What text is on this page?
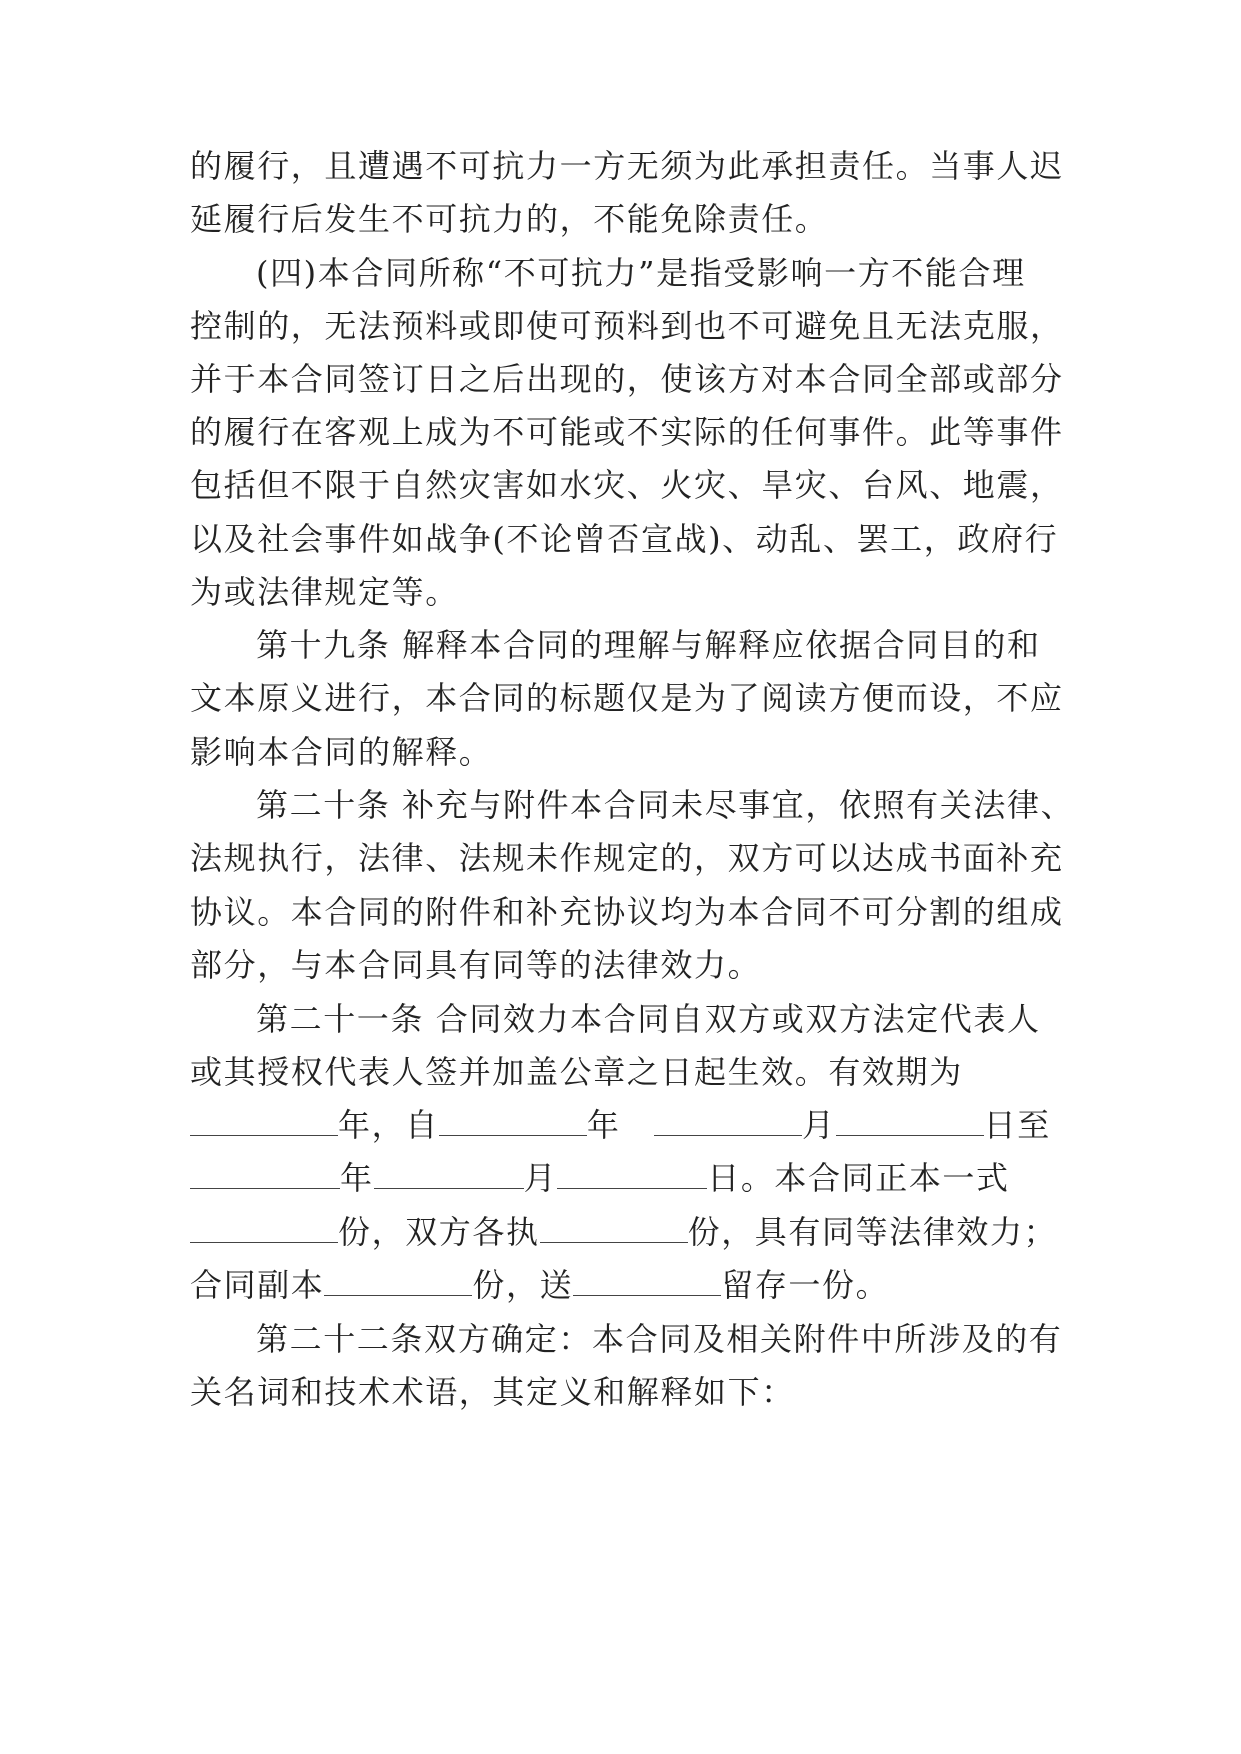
的履行，且遭遇不可抗力一方无须为此承担责任。当事人迟
延履行后发生不可抗力的，不能免除责任。
(四)本合同所称“不可抗力”是指受影响一方不能合理
控制的，无法预料或即使可预料到也不可避免且无法克服，
并于本合同签订日之后出现的，使该方对本合同全部或部分
的履行在客观上成为不可能或不实际的任何事件。此等事件
包括但不限于自然灾害如水灾、火灾、旱灾、台风、地震，
以及社会事件如战争(不论曾否宣战)、动乱、罢工，政府行
为或法律规定等。
第十九条 解释本合同的理解与解释应依据合同目的和
文本原义进行，本合同的标题仅是为了阅读方便而设，不应
影响本合同的解释。
第二十条 补充与附件本合同未尽事宜，依照有关法律、
法规执行，法律、法规未作规定的，双方可以达成书面补充
协议。本合同的附件和补充协议均为本合同不可分割的组成
部分，与本合同具有同等的法律效力。
第二十一条 合同效力本合同自双方或双方法定代表人
或其授权代表人签并加盖公章之日起生效。有效期为
年，自	年 	月	日至
年	月	日。本合同正本一式
份，双方各执	份，具有同等法律效力；
合同副本	份，送	留存一份。
第二十二条双方确定：本合同及相关附件中所涉及的有
关名词和技术术语，其定义和解释如下：
